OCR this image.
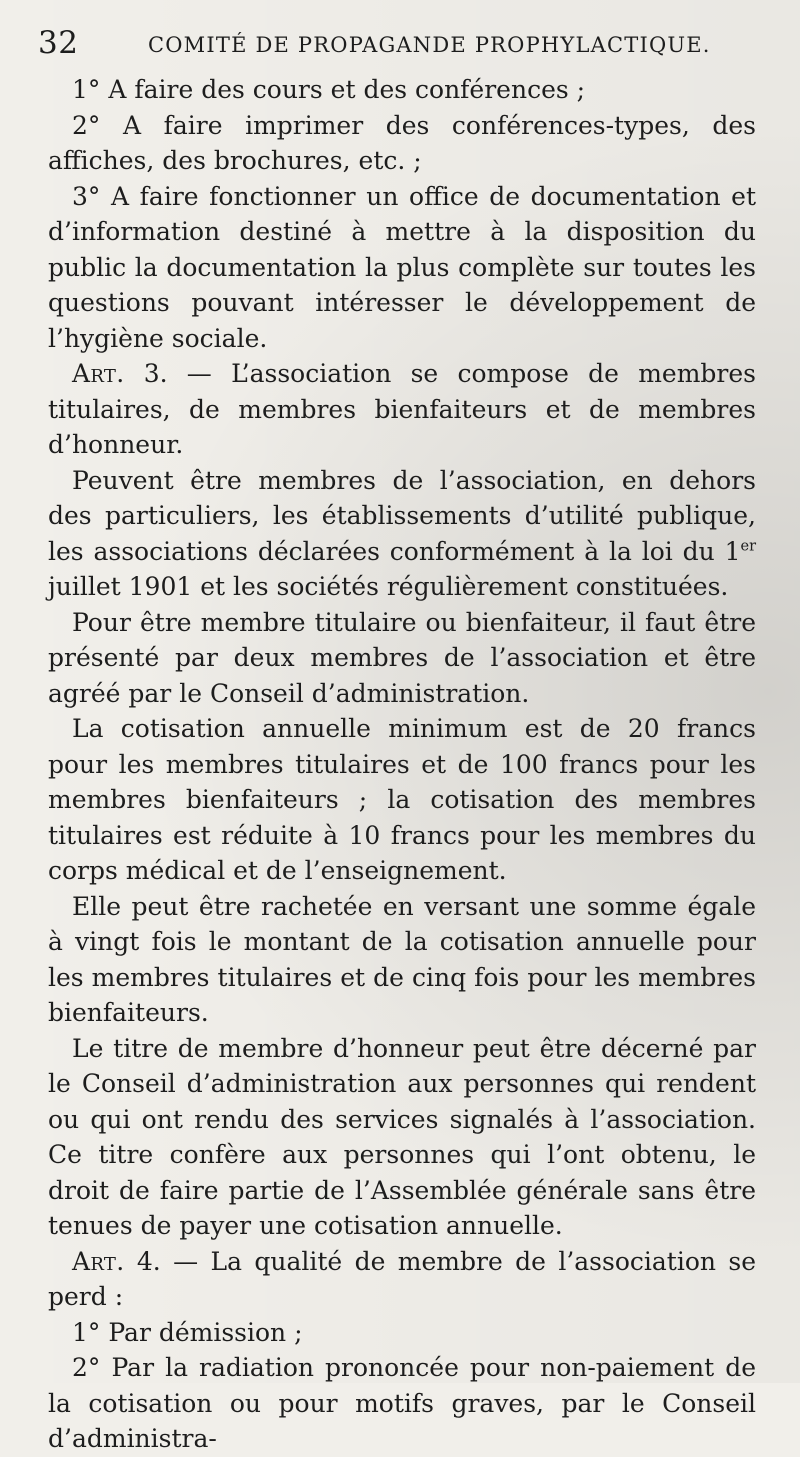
32	COMITÉ DE PROPAGANDE PROPHYLACTIQUE.

1° A faire des cours et des conférences ;

2° A faire imprimer des conférences-types, des affiches, des brochures, etc. ;

3° A faire fonctionner un office de documentation et d’information destiné à mettre à la disposition du public la documentation la plus complète sur toutes les questions pouvant intéresser le développement de l’hygiène sociale.

Art. 3. — L’association se compose de membres titulaires, de membres bienfaiteurs et de membres d’honneur.

Peuvent être membres de l’association, en dehors des particuliers, les établissements d’utilité publique, les associations déclarées conformément à la loi du 1er juillet 1901 et les sociétés régulièrement constituées.

Pour être membre titulaire ou bienfaiteur, il faut être présenté par deux membres de l’association et être agréé par le Conseil d’administration.

La cotisation annuelle minimum est de 20 francs pour les membres titulaires et de 100 francs pour les membres bienfaiteurs ; la cotisation des membres titulaires est réduite à 10 francs pour les membres du corps médical et de l’enseignement.

Elle peut être rachetée en versant une somme égale à vingt fois le montant de la cotisation annuelle pour les membres titulaires et de cinq fois pour les membres bienfaiteurs.

Le titre de membre d’honneur peut être décerné par le Conseil d’administration aux personnes qui rendent ou qui ont rendu des services signalés à l’association. Ce titre confère aux personnes qui l’ont obtenu, le droit de faire partie de l’Assemblée générale sans être tenues de payer une cotisation annuelle.

Art. 4. — La qualité de membre de l’association se perd :

1° Par démission ;

2° Par la radiation prononcée pour non-paiement de la cotisation ou pour motifs graves, par le Conseil d’administra-
